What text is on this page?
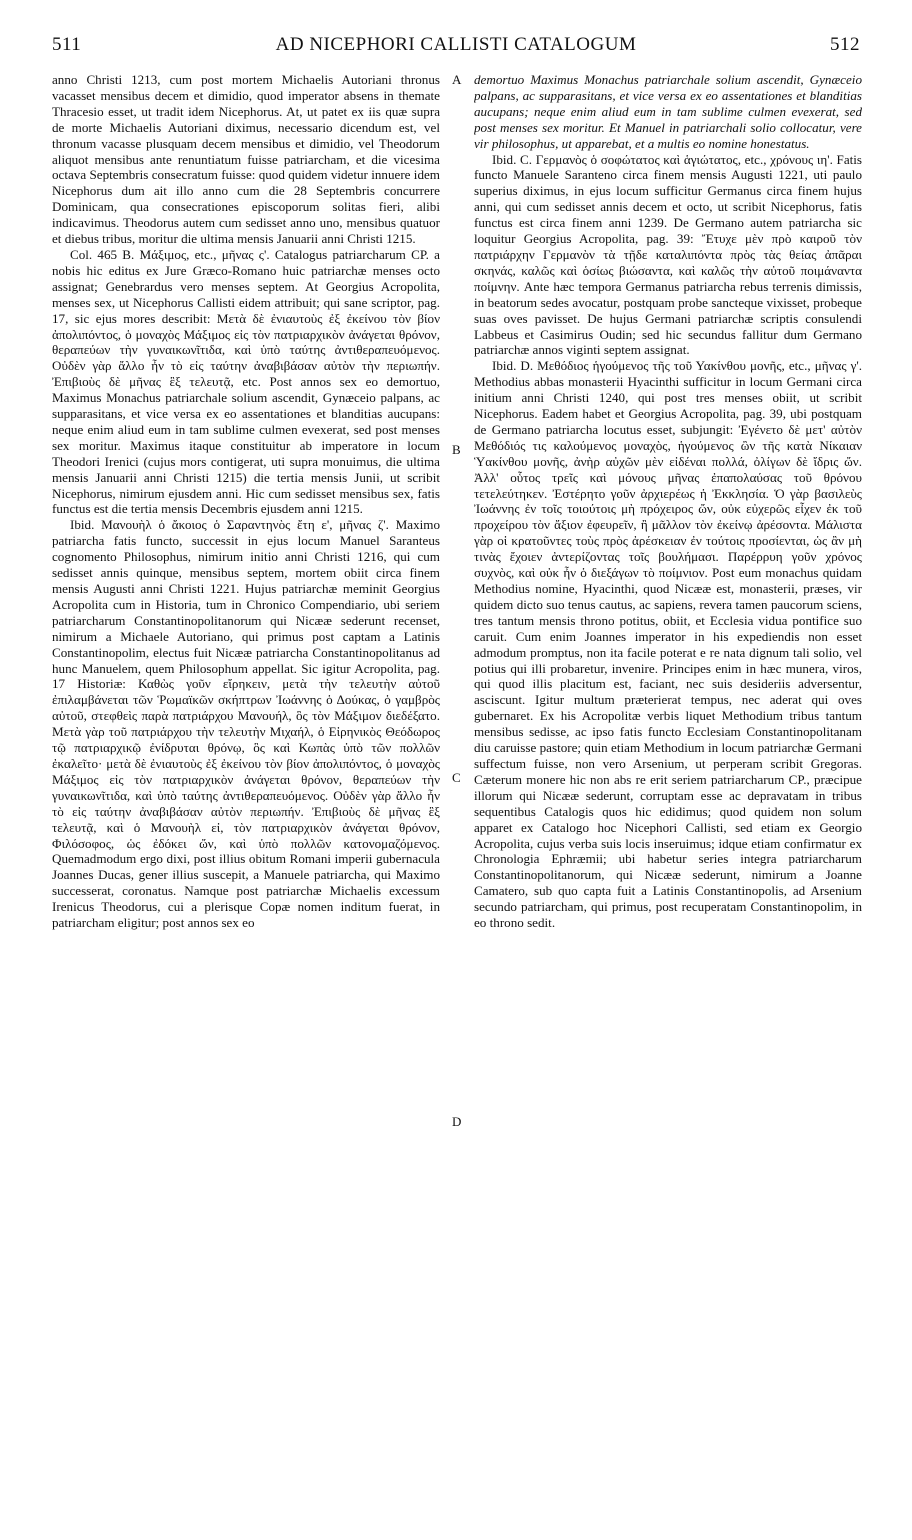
511	AD NICEPHORI CALLISTI CATALOGUM	512
A
B
C
D

anno Christi 1213, cum post mortem Michaelis Autoriani thronus vacasset mensibus decem et dimidio, quod imperator absens in themate Thracesio esset, ut tradit idem Nicephorus. At, ut patet ex iis quæ supra de morte Michaelis Autoriani diximus, necessario dicendum est, vel thronum vacasse plusquam decem mensibus et dimidio, vel Theodorum aliquot mensibus ante renuntiatum fuisse patriarcham, et die vicesima octava Septembris consecratum fuisse: quod quidem videtur innuere idem Nicephorus dum ait illo anno cum die 28 Septembris concurrere Dominicam, qua consecrationes episcoporum solitas fieri, alibi indicavimus. Theodorus autem cum sedisset anno uno, mensibus quatuor et diebus tribus, moritur die ultima mensis Januarii anni Christi 1215.

Col. 465 B. Μάξιμος, etc., μῆνας ς'. Catalogus patriarcharum CP. a nobis hic editus ex Jure Græco-Romano huic patriarchæ menses octo assignat; Genebrardus vero menses septem. At Georgius Acropolita, menses sex, ut Nicephorus Callisti eidem attribuit; qui sane scriptor, pag. 17, sic ejus mores describit: Μετὰ δὲ ἐνιαυτοὺς ἐξ ἐκείνου τὸν βίον ἀπολιπόντος, ὁ μοναχὸς Μάξιμος εἰς τὸν πατριαρχικὸν ἀνάγεται θρόνον, θεραπεύων τὴν γυναικωνῖτιδα, καὶ ὑπὸ ταύτης ἀντιθεραπευόμενος. Οὐδὲν γὰρ ἄλλο ἦν τὸ εἰς ταύτην ἀναβιβάσαν αὐτὸν τὴν περιωπήν. Ἐπιβιοὺς δὲ μῆνας ἓξ τελευτᾷ, etc. Post annos sex eo demortuo, Maximus Monachus patriarchale solium ascendit, Gynæceio palpans, ac supparasitans, et vice versa ex eo assentationes et blanditias aucupans: neque enim aliud eum in tam sublime culmen evexerat, sed post menses sex moritur. Maximus itaque constituitur ab imperatore in locum Theodori Irenici (cujus mors contigerat, uti supra monuimus, die ultima mensis Januarii anni Christi 1215) die tertia mensis Junii, ut scribit Nicephorus, nimirum ejusdem anni. Hic cum sedisset mensibus sex, fatis functus est die tertia mensis Decembris ejusdem anni 1215.

Ibid. Μανουὴλ ὁ ἄκοιος ὁ Σαραντηνὸς ἔτη ε', μῆνας ζ'. Maximo patriarcha fatis functo, successit in ejus locum Manuel Saranteus cognomento Philosophus, nimirum initio anni Christi 1216, qui cum sedisset annis quinque, mensibus septem, mortem obiit circa finem mensis Augusti anni Christi 1221. Hujus patriarchæ meminit Georgius Acropolita cum in Historia, tum in Chronico Compendiario, ubi seriem patriarcharum Constantinopolitanorum qui Nicææ sederunt recenset, nimirum a Michaele Autoriano, qui primus post captam a Latinis Constantinopolim, electus fuit Nicææ patriarcha Constantinopolitanus ad hunc Manuelem, quem Philosophum appellat. Sic igitur Acropolita, pag. 17 Historiæ: Καθὼς γοῦν εἴρηκειν, μετὰ τὴν τελευτὴν αὐτοῦ ἐπιλαμβάνεται τῶν Ῥωμαϊκῶν σκήπτρων Ἰωάννης ὁ Δούκας, ὁ γαμβρὸς αὐτοῦ, στεφθεὶς παρὰ πατριάρχου Μανουήλ, ὃς τὸν Μάξιμον διεδέξατο. Μετὰ γὰρ τοῦ πατριάρχου τὴν τελευτὴν Μιχαήλ, ὁ Εἰρηνικὸς Θεόδωρος τῷ πατριαρχικῷ ἐνίδρυται θρόνῳ, ὃς καὶ Κωπὰς ὑπὸ τῶν πολλῶν ἐκαλεῖτο· μετὰ δὲ ἐνιαυτοὺς ἐξ ἐκείνου τὸν βίον ἀπολιπόντος, ὁ μοναχὸς Μάξιμος εἰς τὸν πατριαρχικὸν ἀνάγεται θρόνον, θεραπεύων τὴν γυναικωνῖτιδα, καὶ ὑπὸ ταύτης ἀντιθεραπευόμενος. Οὐδὲν γὰρ ἄλλο ἦν τὸ εἰς ταύτην ἀναβιβάσαν αὐτὸν περιωπήν. Ἐπιβιοὺς δὲ μῆνας ἓξ τελευτᾷ, καὶ ὁ Μανουὴλ εἰ, τὸν πατριαρχικὸν ἀνάγεται θρόνον, Φιλόσοφος, ὡς ἐδόκει ὤν, καὶ ὑπὸ πολλῶν κατονομαζόμενος. Quemadmodum ergo dixi, post illius obitum Romani imperii gubernacula Joannes Ducas, gener illius suscepit, a Manuele patriarcha, qui Maximo successerat, coronatus. Namque post patriarchæ Michaelis excessum Irenicus Theodorus, cui a plerisque Copæ nomen inditum fuerat, in patriarcham eligitur; post annos sex eo

demortuo Maximus Monachus patriarchale solium ascendit, Gynæceio palpans, ac supparasitans, et vice versa ex eo assentationes et blanditias aucupans; neque enim aliud eum in tam sublime culmen evexerat, sed post menses sex moritur. Et Manuel in patriarchali solio collocatur, vere vir philosophus, ut apparebat, et a multis eo nomine honestatus.

Ibid. C. Γερμανὸς ὁ σοφώτατος καὶ ἁγιώτατος, etc., χρόνους ιη'. Fatis functo Manuele Saranteno circa finem mensis Augusti 1221, uti paulo superius diximus, in ejus locum sufficitur Germanus circa finem hujus anni, qui cum sedisset annis decem et octo, ut scribit Nicephorus, fatis functus est circa finem anni 1239. De Germano autem patriarcha sic loquitur Georgius Acropolita, pag. 39: Ἔτυχε μὲν πρὸ καιροῦ τὸν πατριάρχην Γερμανὸν τὰ τῇδε καταλιπόντα πρὸς τὰς θείας ἀπᾶραι σκηνάς, καλῶς καὶ ὁσίως βιώσαντα, καὶ καλῶς τὴν αὐτοῦ ποιμάναντα ποίμνην. Ante hæc tempora Germanus patriarcha rebus terrenis dimissis, in beatorum sedes avocatur, postquam probe sancteque vixisset, probeque suas oves pavisset. De hujus Germani patriarchæ scriptis consulendi Labbeus et Casimirus Oudin; sed hic secundus fallitur dum Germano patriarchæ annos viginti septem assignat.

Ibid. D. Μεθόδιος ἡγούμενος τῆς τοῦ Υακίνθου μονῆς, etc., μῆνας γ'. Methodius abbas monasterii Hyacinthi sufficitur in locum Germani circa initium anni Christi 1240, qui post tres menses obiit, ut scribit Nicephorus. Eadem habet et Georgius Acropolita, pag. 39, ubi postquam de Germano patriarcha locutus esset, subjungit: Ἐγένετο δὲ μετ' αὐτὸν Μεθόδιός τις καλούμενος μοναχὸς, ἡγούμενος ὢν τῆς κατὰ Νίκαιαν Ὑακίνθου μονῆς, ἀνὴρ αὐχῶν μὲν εἰδέναι πολλά, ὀλίγων δὲ ἴδρις ὤν. Ἀλλ' οὗτος τρεῖς καὶ μόνους μῆνας ἐπαπολαύσας τοῦ θρόνου τετελεύτηκεν. Ἐστέρητο γοῦν ἀρχιερέως ἡ Ἐκκλησία. Ὁ γὰρ βασιλεὺς Ἰωάννης ἐν τοῖς τοιούτοις μὴ πρόχειρος ὤν, οὐκ εὐχερῶς εἶχεν ἐκ τοῦ προχείρου τὸν ἄξιον ἐφευρεῖν, ἢ μᾶλλον τὸν ἐκείνῳ ἀρέσοντα. Μάλιστα γὰρ οἱ κρατοῦντες τοὺς πρὸς ἀρέσκειαν ἐν τούτοις προσίενται, ὡς ἂν μὴ τινὰς ἔχοιεν ἀντερίζοντας τοῖς βουλήμασι. Παρέρρυη γοῦν χρόνος συχνὸς, καὶ οὐκ ἦν ὁ διεξάγων τὸ ποίμνιον. Post eum monachus quidam Methodius nomine, Hyacinthi, quod Nicææ est, monasterii, præses, vir quidem dicto suo tenus cautus, ac sapiens, revera tamen paucorum sciens, tres tantum mensis throno potitus, obiit, et Ecclesia vidua pontifice suo caruit. Cum enim Joannes imperator in his expediendis non esset admodum promptus, non ita facile poterat e re nata dignum tali solio, vel potius qui illi probaretur, invenire. Principes enim in hæc munera, viros, qui quod illis placitum est, faciant, nec suis desideriis adversentur, asciscunt. Igitur multum præterierat tempus, nec aderat qui oves gubernaret. Ex his Acropolitæ verbis liquet Methodium tribus tantum mensibus sedisse, ac ipso fatis functo Ecclesiam Constantinopolitanam diu caruisse pastore; quin etiam Methodium in locum patriarchæ Germani suffectum fuisse, non vero Arsenium, ut perperam scribit Gregoras. Cæterum monere hic non abs re erit seriem patriarcharum CP., præcipue illorum qui Nicææ sederunt, corruptam esse ac depravatam in tribus sequentibus Catalogis quos hic edidimus; quod quidem non solum apparet ex Catalogo hoc Nicephori Callisti, sed etiam ex Georgio Acropolita, cujus verba suis locis inseruimus; idque etiam confirmatur ex Chronologia Ephræmii; ubi habetur series integra patriarcharum Constantinopolitanorum, qui Nicææ sederunt, nimirum a Joanne Camatero, sub quo capta fuit a Latinis Constantinopolis, ad Arsenium secundo patriarcham, qui primus, post recuperatam Constantinopolim, in eo throno sedit.
